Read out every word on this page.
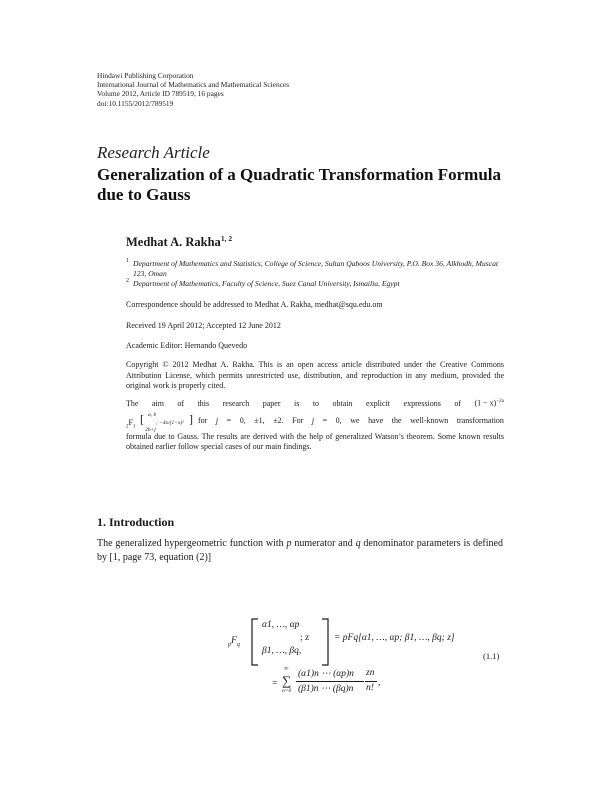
Hindawi Publishing Corporation
International Journal of Mathematics and Mathematical Sciences
Volume 2012, Article ID 789519, 16 pages
doi:10.1155/2012/789519
Research Article
Generalization of a Quadratic Transformation Formula due to Gauss
Medhat A. Rakha$^{1, 2}$
1 Department of Mathematics and Statistics, College of Science, Sultan Qaboos University, P.O. Box 36, Alkhodh, Muscat 123, Oman
2 Department of Mathematics, Faculty of Science, Suez Canal University, Ismailia, Egypt
Correspondence should be addressed to Medhat A. Rakha, medhat@squ.edu.om
Received 19 April 2012; Accepted 12 June 2012
Academic Editor: Hernando Quevedo
Copyright © 2012 Medhat A. Rakha. This is an open access article distributed under the Creative Commons Attribution License, which permits unrestricted use, distribution, and reproduction in any medium, provided the original work is properly cited.
The aim of this research paper is to obtain explicit expressions of $(1 - x)^{-2a}$
$_2F_1$
[ a, b
2b+j
; −4x/(1−x)² ] for j = 0, ±1, ±2. For j = 0, we have the well-known transformation
formula due to Gauss. The results are derived with the help of generalized Watson’s theorem. Some known results obtained earlier follow special cases of our main findings.
1. Introduction
The generalized hypergeometric function with p numerator and q denominator parameters is defined by [1, page 73, equation (2)]
$_pF_q$
α1, …, αp
β1, …, βq,
; z	= pFq[α1, …, αp; β1, …, βq; z]
=
∞
∑
n=0
(α1)n ⋯ (αp)n
(β1)n ⋯ (βq)n
zn
n! ,
(1.1)
